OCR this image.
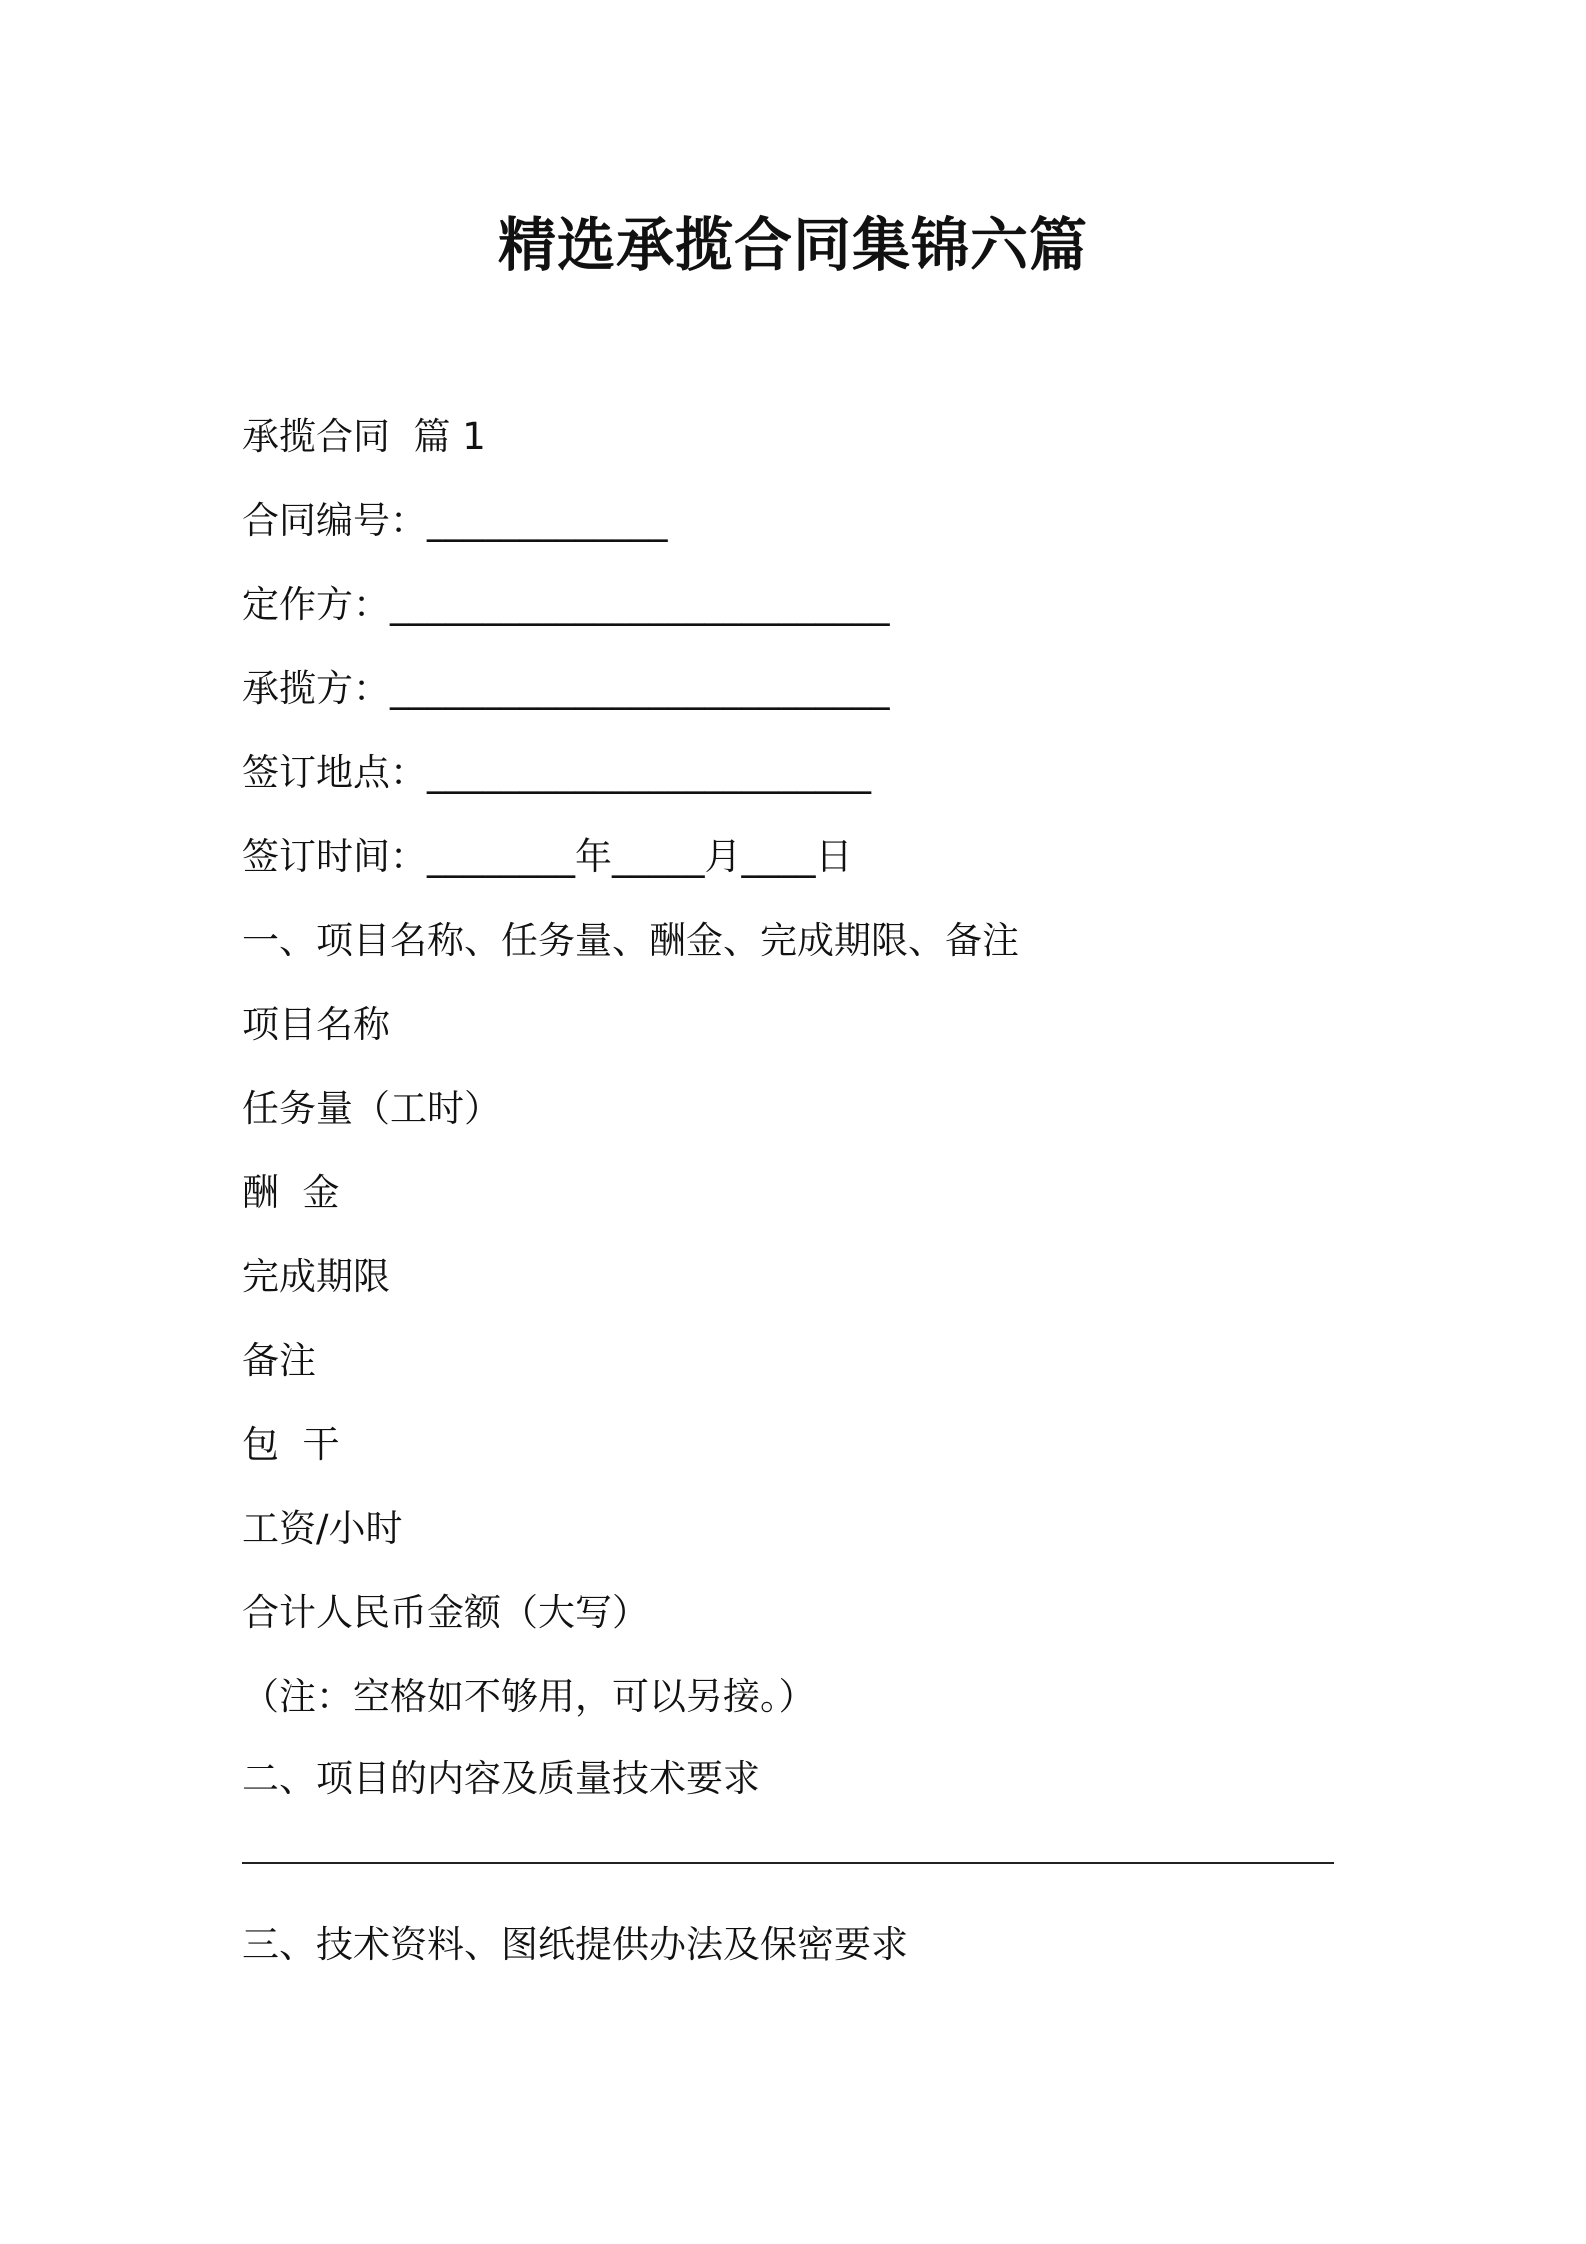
精选承揽合同集锦六篇

承揽合同  篇 1

合同编号：_____________

定作方：___________________________

承揽方：___________________________

签订地点：________________________

签订时间：________年_____月____日

一、项目名称、任务量、酬金、完成期限、备注

项目名称

任务量（工时）

酬  金

完成期限

备注

包  干

工资/小时

合计人民币金额（大写）

（注：空格如不够用，可以另接。）

二、项目的内容及质量技术要求

三、技术资料、图纸提供办法及保密要求
